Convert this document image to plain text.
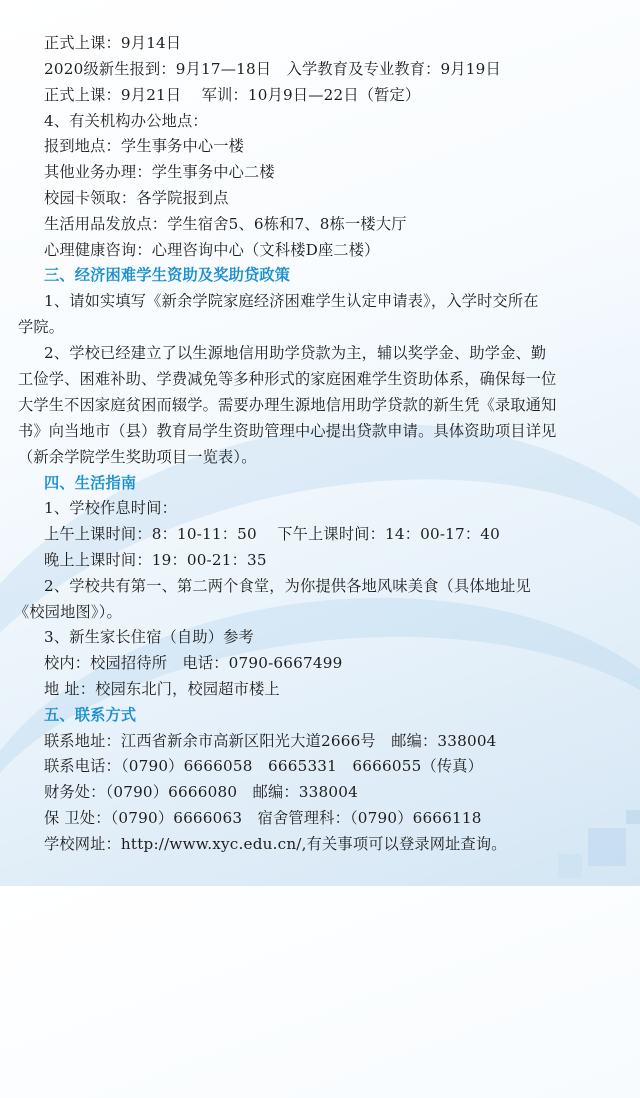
正式上课：9月14日
2020级新生报到：9月17—18日　入学教育及专业教育：9月19日
正式上课：9月21日　 军训：10月9日—22日（暂定）
4、有关机构办公地点：
报到地点：学生事务中心一楼
其他业务办理：学生事务中心二楼
校园卡领取：各学院报到点
生活用品发放点：学生宿舍5、6栋和7、8栋一楼大厅
心理健康咨询：心理咨询中心（文科楼D座二楼）
三、经济困难学生资助及奖助贷政策
1、请如实填写《新余学院家庭经济困难学生认定申请表》，入学时交所在
学院。
2、学校已经建立了以生源地信用助学贷款为主，辅以奖学金、助学金、勤
工俭学、困难补助、学费减免等多种形式的家庭困难学生资助体系，确保每一位
大学生不因家庭贫困而辍学。需要办理生源地信用助学贷款的新生凭《录取通知
书》向当地市（县）教育局学生资助管理中心提出贷款申请。具体资助项目详见
（新余学院学生奖助项目一览表）。
四、生活指南
1、学校作息时间：
上午上课时间：8：10-11：50　 下午上课时间：14：00-17：40
晚上上课时间：19：00-21：35
2、学校共有第一、第二两个食堂，为你提供各地风味美食（具体地址见
《校园地图》）。
3、新生家长住宿（自助）参考
校内：校园招待所　电话：0790-6667499
地 址：校园东北门，校园超市楼上
五、联系方式
联系地址：江西省新余市高新区阳光大道2666号　邮编：338004
联系电话：（0790）6666058　6665331　6666055（传真）
财务处：（0790）6666080　邮编：338004
保 卫处：（0790）6666063　宿舍管理科：（0790）6666118
学校网址：http://www.xyc.edu.cn/,有关事项可以登录网址查询。
